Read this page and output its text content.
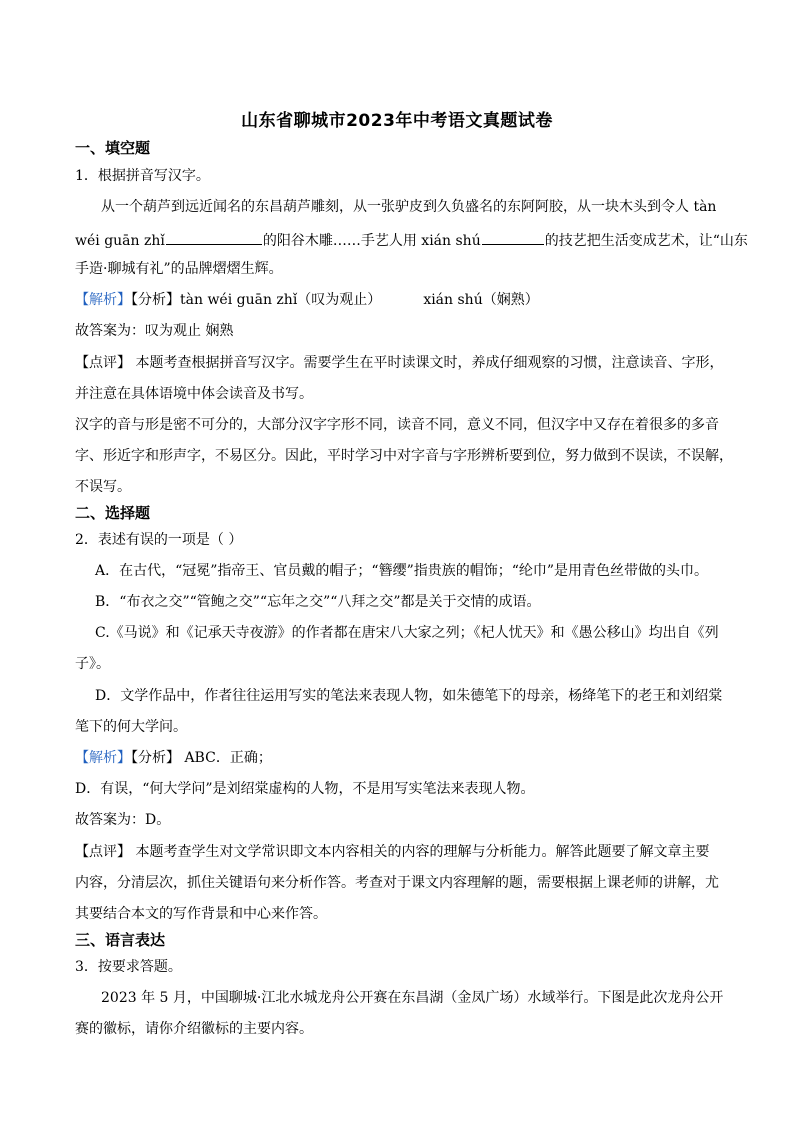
山东省聊城市2023年中考语文真题试卷
一、填空题
1．根据拼音写汉字。
从一个葫芦到远近闻名的东昌葫芦雕刻，从一张驴皮到久负盛名的东阿阿胶，从一块木头到令人 tàn
wéi guān zhǐ	的阳谷木雕……手艺人用 xián shú	的技艺把生活变成艺术，让“山东
手造·聊城有礼”的品牌熠熠生辉。
【解析】【分析】tàn wéi guān zhǐ（叹为观止）	xián shú（娴熟）
故答案为：叹为观止 娴熟
【点评】 本题考查根据拼音写汉字。需要学生在平时读课文时，养成仔细观察的习惯，注意读音、字形，
并注意在具体语境中体会读音及书写。
汉字的音与形是密不可分的，大部分汉字字形不同，读音不同，意义不同，但汉字中又存在着很多的多音
字、形近字和形声字，不易区分。因此，平时学习中对字音与字形辨析要到位，努力做到不误读，不误解，
不误写。
二、选择题
2．表述有误的一项是（ ）
A．在古代，“冠冕”指帝王、官员戴的帽子；“簪缨”指贵族的帽饰；“纶巾”是用青色丝带做的头巾。
B．“布衣之交”“管鲍之交”“忘年之交”“八拜之交”都是关于交情的成语。
C.《马说》和《记承天寺夜游》的作者都在唐宋八大家之列；《杞人忧天》和《愚公移山》均出自《列
子》。
D．文学作品中，作者往往运用写实的笔法来表现人物，如朱德笔下的母亲，杨绛笔下的老王和刘绍棠
笔下的何大学问。
【解析】【分析】 ABC．正确；
D．有误，“何大学问”是刘绍棠虚构的人物，不是用写实笔法来表现人物。
故答案为：D。
【点评】 本题考查学生对文学常识即文本内容相关的内容的理解与分析能力。解答此题要了解文章主要
内容，分清层次，抓住关键语句来分析作答。考查对于课文内容理解的题，需要根据上课老师的讲解，尤
其要结合本文的写作背景和中心来作答。
三、语言表达
3．按要求答题。
2023 年 5 月，中国聊城·江北水城龙舟公开赛在东昌湖（金凤广场）水域举行。下图是此次龙舟公开
赛的徽标，请你介绍徽标的主要内容。
